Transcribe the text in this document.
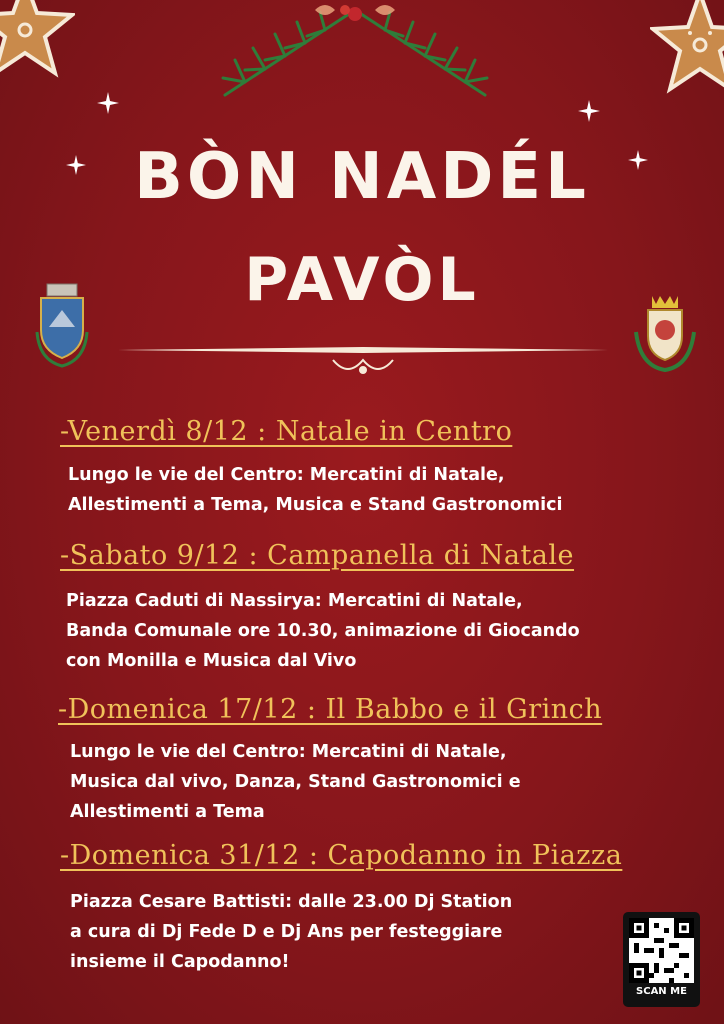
BÒN NADÉL
PAVÒL
-Venerdì 8/12 : Natale in Centro

Lungo le vie del Centro: Mercatini di Natale,
Allestimenti a Tema, Musica e Stand Gastronomici

-Sabato 9/12 : Campanella di Natale

Piazza Caduti di Nassirya: Mercatini di Natale,
Banda Comunale ore 10.30, animazione di Giocando
con Monilla e Musica dal Vivo

-Domenica 17/12 : Il Babbo e il Grinch

Lungo le vie del Centro: Mercatini di Natale,
Musica dal vivo, Danza, Stand Gastronomici e
Allestimenti a Tema

-Domenica 31/12 : Capodanno in Piazza

Piazza Cesare Battisti: dalle 23.00 Dj Station
a cura di Dj Fede D e Dj Ans per festeggiare
insieme il Capodanno!

SCAN ME
